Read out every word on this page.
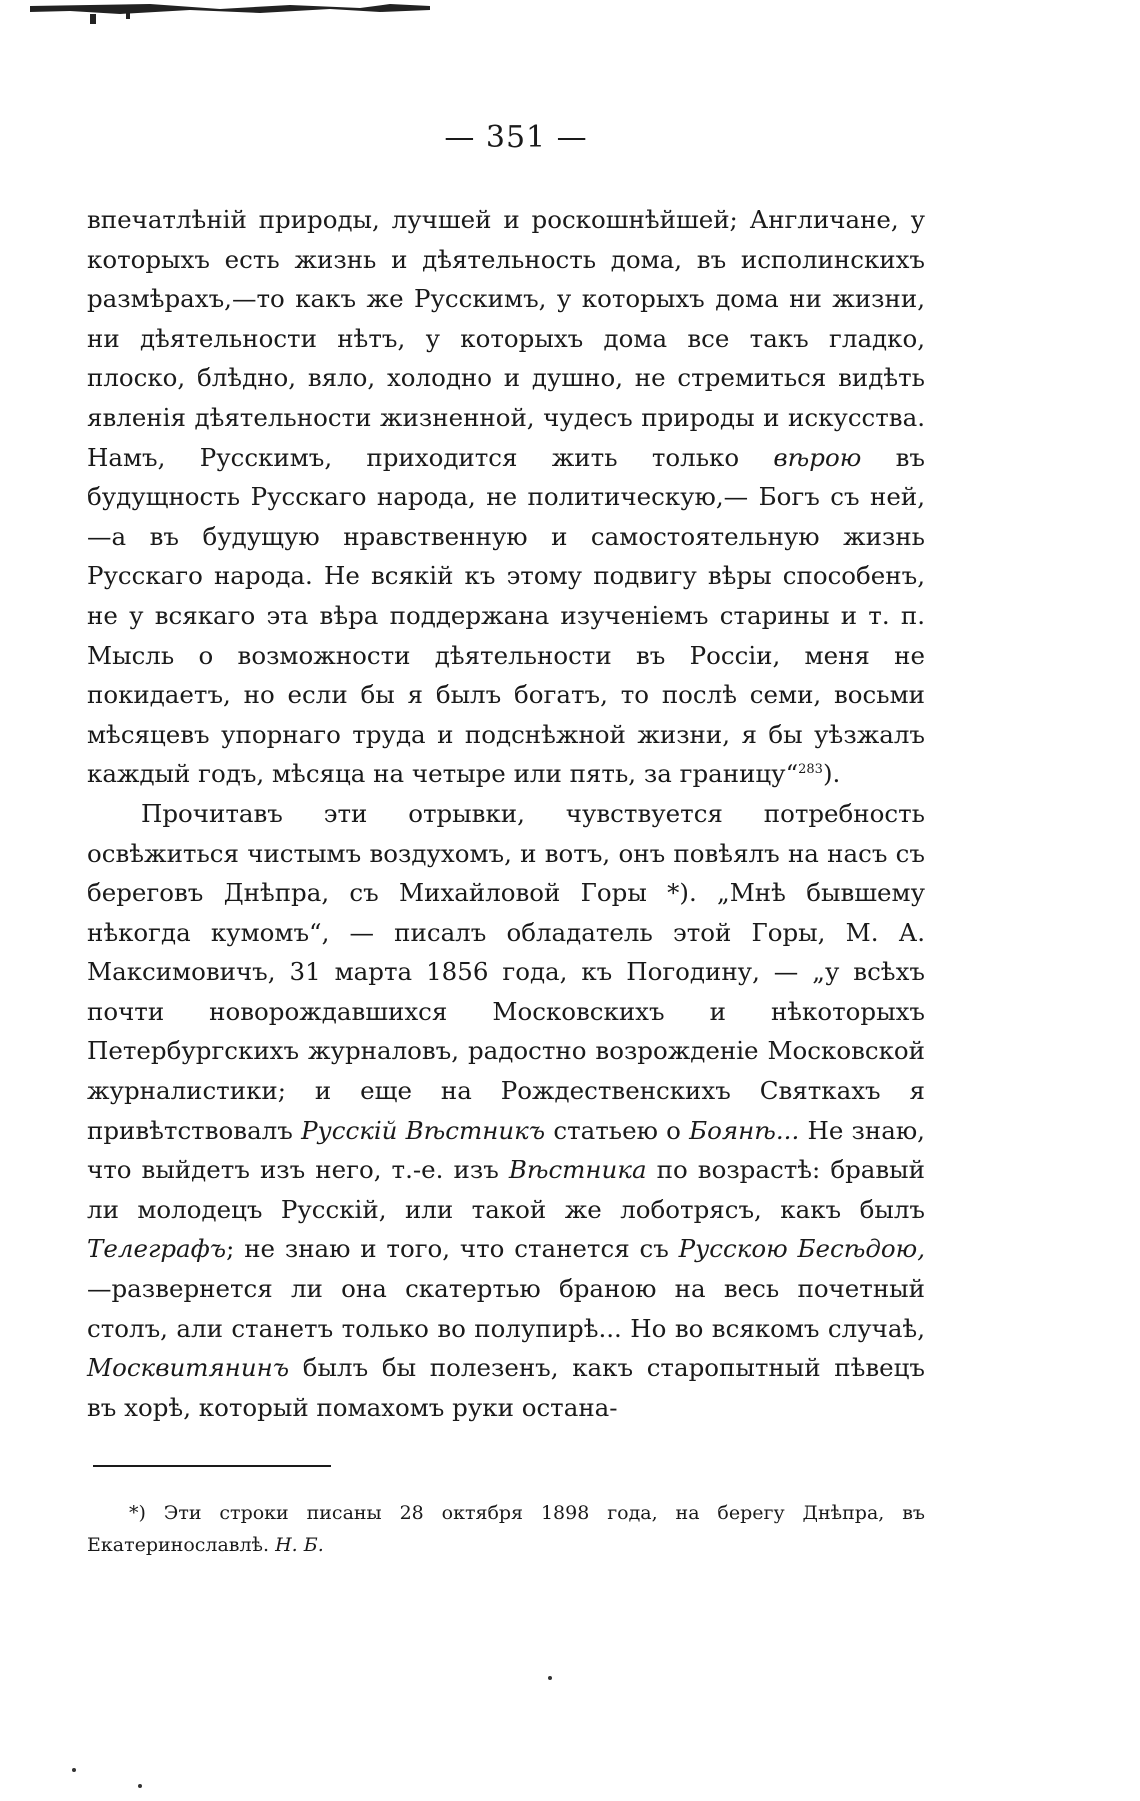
— 351 —

впечатлѣній природы, лучшей и роскошнѣйшей; Англичане, у которыхъ есть жизнь и дѣятельность дома, въ исполинскихъ размѣрахъ,—то какъ же Русскимъ, у которыхъ дома ни жизни, ни дѣятельности нѣтъ, у которыхъ дома все такъ гладко, плоско, блѣдно, вяло, холодно и душно, не стремиться видѣть явленія дѣятельности жизненной, чудесъ природы и искусства. Намъ, Русскимъ, приходится жить только вѣрою въ будущность Русскаго народа, не политическую,— Богъ съ ней,—а въ будущую нравственную и самостоятельную жизнь Русскаго народа. Не всякій къ этому подвигу вѣры способенъ, не у всякаго эта вѣра поддержана изученіемъ старины и т. п. Мысль о возможности дѣятельности въ Россіи, меня не покидаетъ, но если бы я былъ богатъ, то послѣ семи, восьми мѣсяцевъ упорнаго труда и подснѣжной жизни, я бы уѣзжалъ каждый годъ, мѣсяца на четыре или пять, за границу“$^{283}$).

Прочитавъ эти отрывки, чувствуется потребность освѣжиться чистымъ воздухомъ, и вотъ, онъ повѣялъ на насъ съ береговъ Днѣпра, съ Михайловой Горы *). „Мнѣ бывшему нѣкогда кумомъ“, — писалъ обладатель этой Горы, М. А. Максимовичъ, 31 марта 1856 года, къ Погодину, — „у всѣхъ почти новорождавшихся Московскихъ и нѣкоторыхъ Петербургскихъ журналовъ, радостно возрожденіе Московской журналистики; и еще на Рождественскихъ Святкахъ я привѣтствовалъ Русскій Вѣстникъ статьею о Боянѣ... Не знаю, что выйдетъ изъ него, т.-е. изъ Вѣстника по возрастѣ: бравый ли молодецъ Русскій, или такой же лоботрясъ, какъ былъ Телеграфъ; не знаю и того, что станется съ Русскою Бесѣдою,—развернется ли она скатертью браною на весь почетный столъ, али станетъ только во полупирѣ... Но во всякомъ случаѣ, Москвитянинъ былъ бы полезенъ, какъ старопытный пѣвецъ въ хорѣ, который помахомъ руки остана-

*) Эти строки писаны 28 октября 1898 года, на берегу Днѣпра, въ Екатеринославлѣ. Н. Б.
